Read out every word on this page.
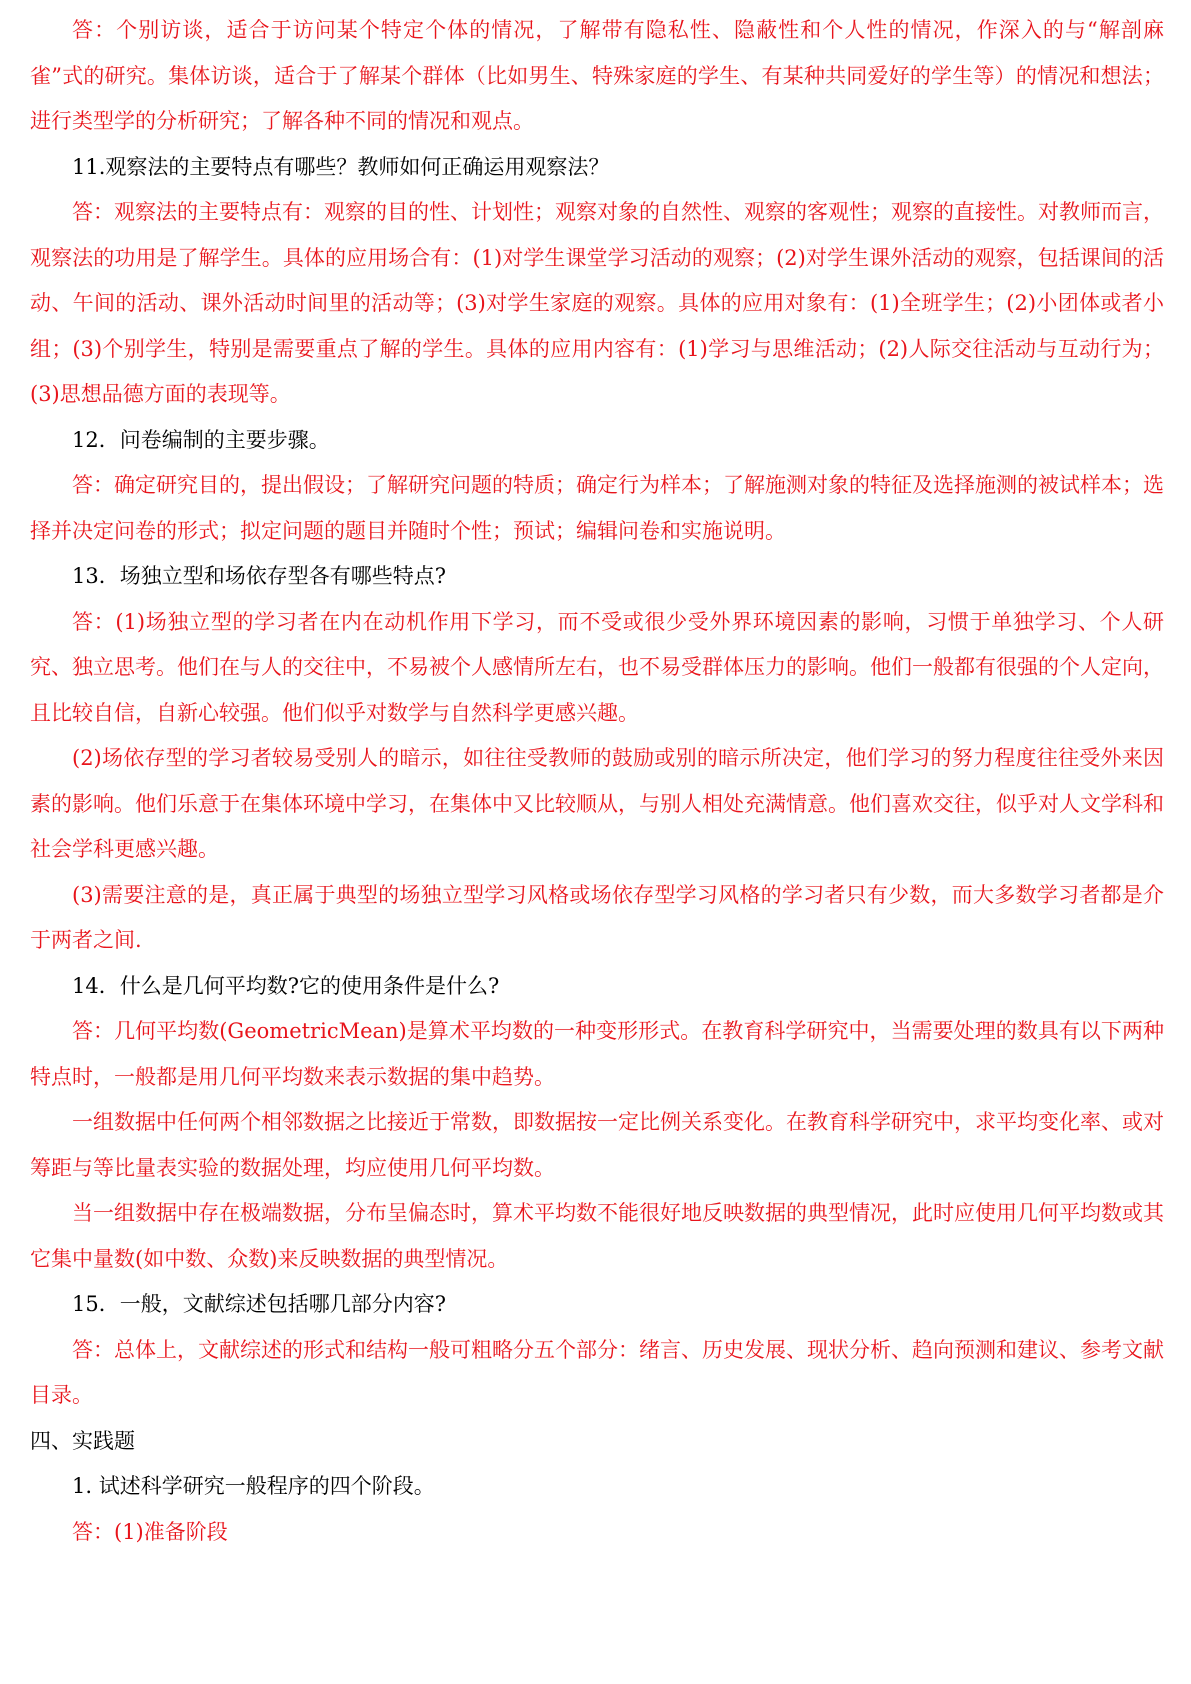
答：个别访谈，适合于访问某个特定个体的情况，了解带有隐私性、隐蔽性和个人性的情况，作深入的与“解剖麻雀”式的研究。集体访谈，适合于了解某个群体（比如男生、特殊家庭的学生、有某种共同爱好的学生等）的情况和想法；进行类型学的分析研究；了解各种不同的情况和观点。

11.观察法的主要特点有哪些？教师如何正确运用观察法？

答：观察法的主要特点有：观察的目的性、计划性；观察对象的自然性、观察的客观性；观察的直接性。对教师而言，观察法的功用是了解学生。具体的应用场合有：(1)对学生课堂学习活动的观察；(2)对学生课外活动的观察，包括课间的活动、午间的活动、课外活动时间里的活动等；(3)对学生家庭的观察。具体的应用对象有：(1)全班学生；(2)小团体或者小组；(3)个别学生，特别是需要重点了解的学生。具体的应用内容有：(1)学习与思维活动；(2)人际交往活动与互动行为；(3)思想品德方面的表现等。

12．问卷编制的主要步骤。

答：确定研究目的，提出假设；了解研究问题的特质；确定行为样本；了解施测对象的特征及选择施测的被试样本；选择并决定问卷的形式；拟定问题的题目并随时个性；预试；编辑问卷和实施说明。

13．场独立型和场依存型各有哪些特点?

答：(1)场独立型的学习者在内在动机作用下学习，而不受或很少受外界环境因素的影响，习惯于单独学习、个人研究、独立思考。他们在与人的交往中，不易被个人感情所左右，也不易受群体压力的影响。他们一般都有很强的个人定向，且比较自信，自新心较强。他们似乎对数学与自然科学更感兴趣。

(2)场依存型的学习者较易受别人的暗示，如往往受教师的鼓励或别的暗示所决定，他们学习的努力程度往往受外来因素的影响。他们乐意于在集体环境中学习，在集体中又比较顺从，与别人相处充满情意。他们喜欢交往，似乎对人文学科和社会学科更感兴趣。

(3)需要注意的是，真正属于典型的场独立型学习风格或场依存型学习风格的学习者只有少数，而大多数学习者都是介于两者之间.

14．什么是几何平均数?它的使用条件是什么?

答：几何平均数(GeometricMean)是算术平均数的一种变形形式。在教育科学研究中，当需要处理的数具有以下两种特点时，一般都是用几何平均数来表示数据的集中趋势。

一组数据中任何两个相邻数据之比接近于常数，即数据按一定比例关系变化。在教育科学研究中，求平均变化率、或对筹距与等比量表实验的数据处理，均应使用几何平均数。

当一组数据中存在极端数据，分布呈偏态时，算术平均数不能很好地反映数据的典型情况，此时应使用几何平均数或其它集中量数(如中数、众数)来反映数据的典型情况。

15．一般，文献综述包括哪几部分内容?

答：总体上，文献综述的形式和结构一般可粗略分五个部分：绪言、历史发展、现状分析、趋向预测和建议、参考文献目录。

四、实践题

1. 试述科学研究一般程序的四个阶段。

答：(1)准备阶段
